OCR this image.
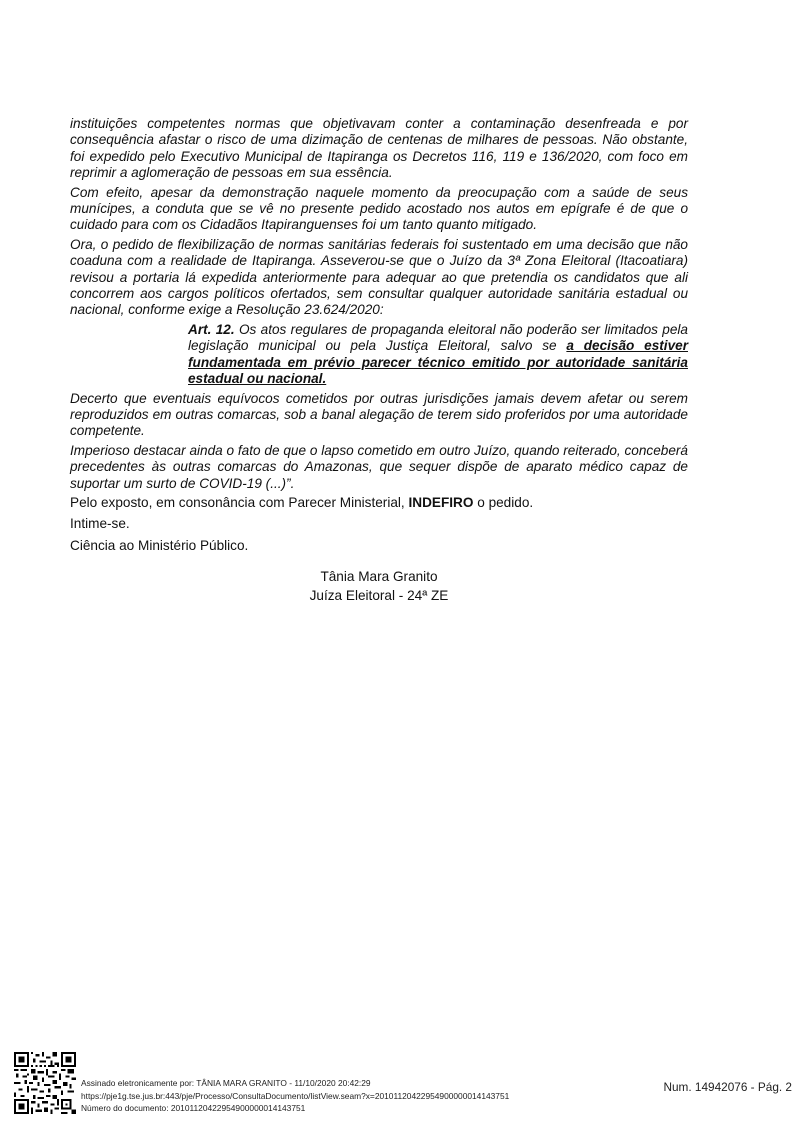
instituições competentes normas que objetivavam conter a contaminação desenfreada e por consequência afastar o risco de uma dizimação de centenas de milhares de pessoas. Não obstante, foi expedido pelo Executivo Municipal de Itapiranga os Decretos 116, 119 e 136/2020, com foco em reprimir a aglomeração de pessoas em sua essência.

Com efeito, apesar da demonstração naquele momento da preocupação com a saúde de seus munícipes, a conduta que se vê no presente pedido acostado nos autos em epígrafe é de que o cuidado para com os Cidadãos Itapiranguenses foi um tanto quanto mitigado.

Ora, o pedido de flexibilização de normas sanitárias federais foi sustentado em uma decisão que não coaduna com a realidade de Itapiranga. Asseverou-se que o Juízo da 3ª Zona Eleitoral (Itacoatiara) revisou a portaria lá expedida anteriormente para adequar ao que pretendia os candidatos que ali concorrem aos cargos políticos ofertados, sem consultar qualquer autoridade sanitária estadual ou nacional, conforme exige a Resolução 23.624/2020:

Art. 12. Os atos regulares de propaganda eleitoral não poderão ser limitados pela legislação municipal ou pela Justiça Eleitoral, salvo se a decisão estiver fundamentada em prévio parecer técnico emitido por autoridade sanitária estadual ou nacional.

Decerto que eventuais equívocos cometidos por outras jurisdições jamais devem afetar ou serem reproduzidos em outras comarcas, sob a banal alegação de terem sido proferidos por uma autoridade competente.

Imperioso destacar ainda o fato de que o lapso cometido em outro Juízo, quando reiterado, conceberá precedentes às outras comarcas do Amazonas, que sequer dispõe de aparato médico capaz de suportar um surto de COVID-19 (...)”.

Pelo exposto, em consonância com Parecer Ministerial, INDEFIRO o pedido.

Intime-se.

Ciência ao Ministério Público.

Tânia Mara Granito
Juíza Eleitoral - 24ª ZE
Assinado eletronicamente por: TÂNIA MARA GRANITO - 11/10/2020 20:42:29
https://pje1g.tse.jus.br:443/pje/Processo/ConsultaDocumento/listView.seam?x=20101120422954900000014143751
Número do documento: 20101120422954900000014143751
Num. 14942076 - Pág. 2
